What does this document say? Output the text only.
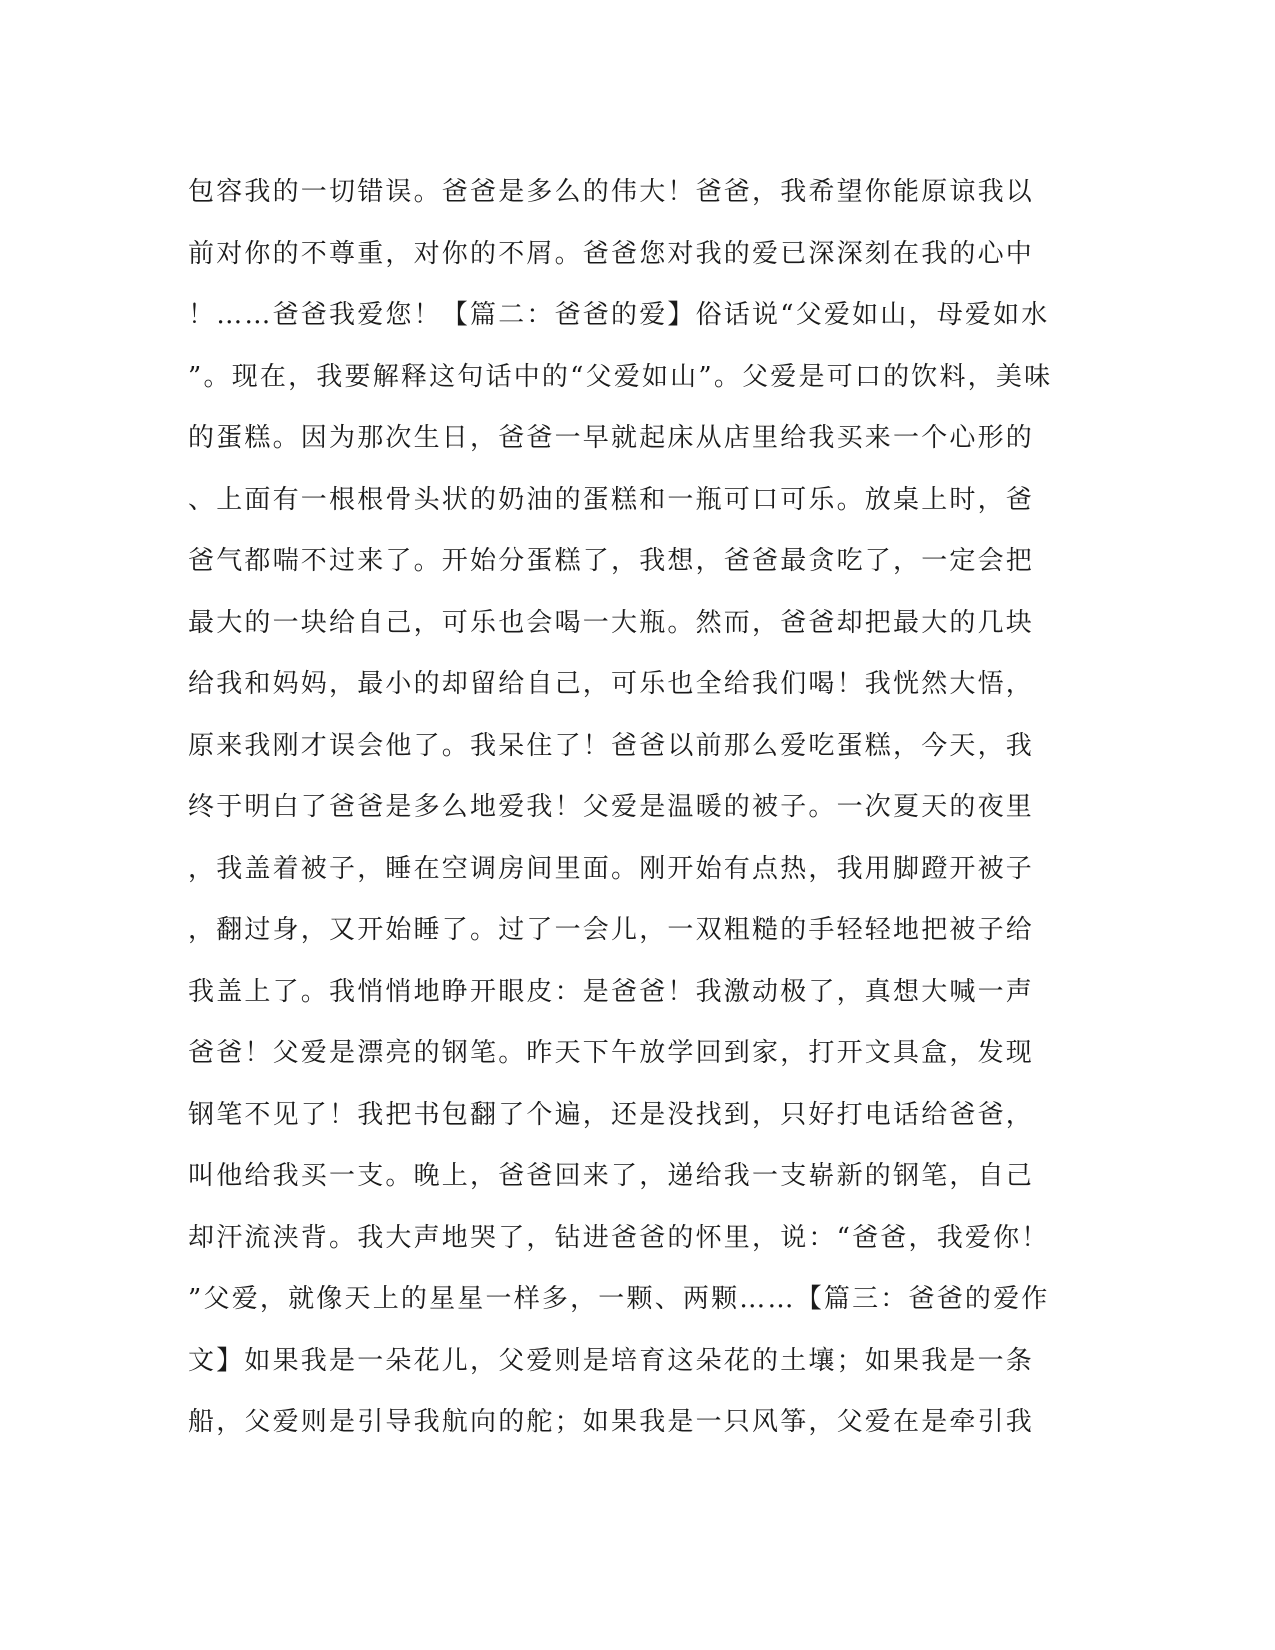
包容我的一切错误。爸爸是多么的伟大！爸爸，我希望你能原谅我以
前对你的不尊重，对你的不屑。爸爸您对我的爱已深深刻在我的心中
！……爸爸我爱您！【篇二：爸爸的爱】俗话说“父爱如山，母爱如水
”。现在，我要解释这句话中的“父爱如山”。父爱是可口的饮料，美味
的蛋糕。因为那次生日，爸爸一早就起床从店里给我买来一个心形的
、上面有一根根骨头状的奶油的蛋糕和一瓶可口可乐。放桌上时，爸
爸气都喘不过来了。开始分蛋糕了，我想，爸爸最贪吃了，一定会把
最大的一块给自己，可乐也会喝一大瓶。然而，爸爸却把最大的几块
给我和妈妈，最小的却留给自己，可乐也全给我们喝！我恍然大悟，
原来我刚才误会他了。我呆住了！爸爸以前那么爱吃蛋糕，今天，我
终于明白了爸爸是多么地爱我！父爱是温暖的被子。一次夏天的夜里
，我盖着被子，睡在空调房间里面。刚开始有点热，我用脚蹬开被子
，翻过身，又开始睡了。过了一会儿，一双粗糙的手轻轻地把被子给
我盖上了。我悄悄地睁开眼皮：是爸爸！我激动极了，真想大喊一声
爸爸！父爱是漂亮的钢笔。昨天下午放学回到家，打开文具盒，发现
钢笔不见了！我把书包翻了个遍，还是没找到，只好打电话给爸爸，
叫他给我买一支。晚上，爸爸回来了，递给我一支崭新的钢笔，自己
却汗流浃背。我大声地哭了，钻进爸爸的怀里，说：“爸爸，我爱你！
”父爱，就像天上的星星一样多，一颗、两颗……【篇三：爸爸的爱作
文】如果我是一朵花儿，父爱则是培育这朵花的土壤；如果我是一条
船，父爱则是引导我航向的舵；如果我是一只风筝，父爱在是牵引我
